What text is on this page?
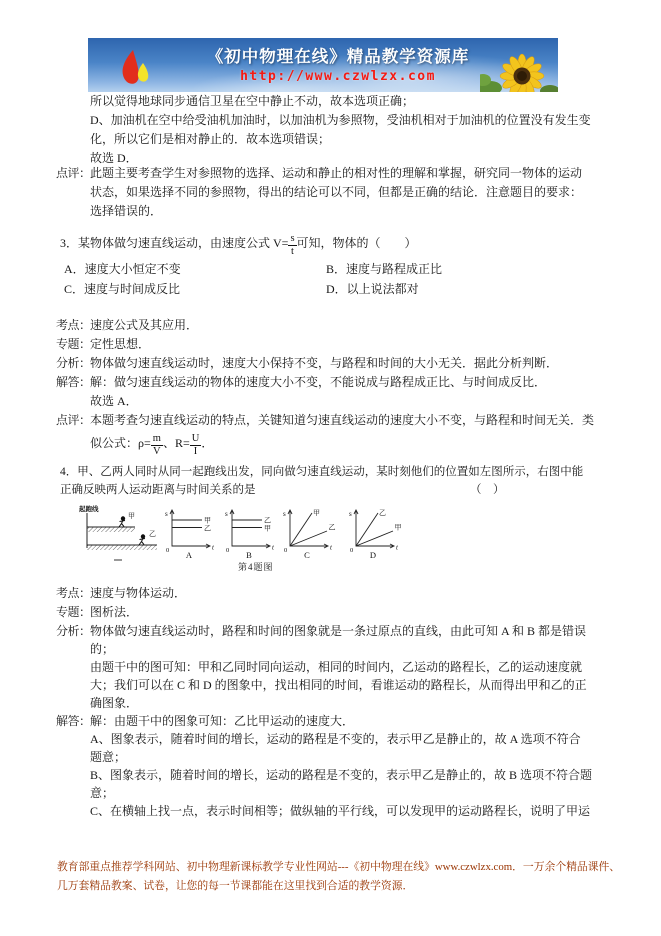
《初中物理在线》精品教学资源库
http://www.czwlzx.com
所以觉得地球同步通信卫星在空中静止不动，故本选项正确；
D、加油机在空中给受油机加油时，以加油机为参照物，受油机相对于加油机的位置没有发生变
化，所以它们是相对静止的．故本选项错误；
故选 D．
点评： 此题主要考查学生对参照物的选择、运动和静止的相对性的理解和掌握，研究同一物体的运动
状态，如果选择不同的参照物，得出的结论可以不同，但都是正确的结论．注意题目的要求：
选择错误的．
3．某物体做匀速直线运动，由速度公式 $V= \frac{s}{t}$ 可知，物体的（　　）
A．速度大小恒定不变	B．速度与路程成正比
C．速度与时间成反比	D．以上说法都对
考点： 速度公式及其应用．
专题： 定性思想．
分析： 物体做匀速直线运动时，速度大小保持不变，与路程和时间的大小无关．据此分析判断．
解答： 解：做匀速直线运动的物体的速度大小不变，不能说成与路程成正比、与时间成反比．
故选 A．
点评： 本题考查匀速直线运动的特点，关键知道匀速直线运动的速度大小不变，与路程和时间无关．类
似公式：$\rho= \frac{m}{V}$ 、$R= \frac{U}{I}$ ．
4．甲、乙两人同时从同一起跑线出发，同向做匀速直线运动，某时刻他们的位置如左图所示，右图中能
正确反映两人运动距离与时间关系的是	（　）
起跑线
甲
乙
s
t
0
甲
乙
A
s
t
0
乙
甲
B
s
t
0
甲
乙
C
s
t
0
乙
甲
D
第4题图
考点： 速度与物体运动．
专题： 图析法．
分析： 物体做匀速直线运动时，路程和时间的图象就是一条过原点的直线，由此可知 A 和 B 都是错误
的；
由题干中的图可知：甲和乙同时同向运动，相同的时间内，乙运动的路程长，乙的运动速度就
大；我们可以在 C 和 D 的图象中，找出相同的时间，看谁运动的路程长，从而得出甲和乙的正
确图象．
解答： 解：由题干中的图象可知：乙比甲运动的速度大．
A、图象表示，随着时间的增长，运动的路程是不变的，表示甲乙是静止的，故 A 选项不符合
题意；
B、图象表示，随着时间的增长，运动的路程是不变的，表示甲乙是静止的，故 B 选项不符合题
意；
C、在横轴上找一点，表示时间相等；做纵轴的平行线，可以发现甲的运动路程长，说明了甲运
教育部重点推荐学科网站、初中物理新课标教学专业性网站---《初中物理在线》www.czwlzx.com．一万余个精品课件、
几万套精品教案、试卷，让您的每一节课都能在这里找到合适的教学资源．
